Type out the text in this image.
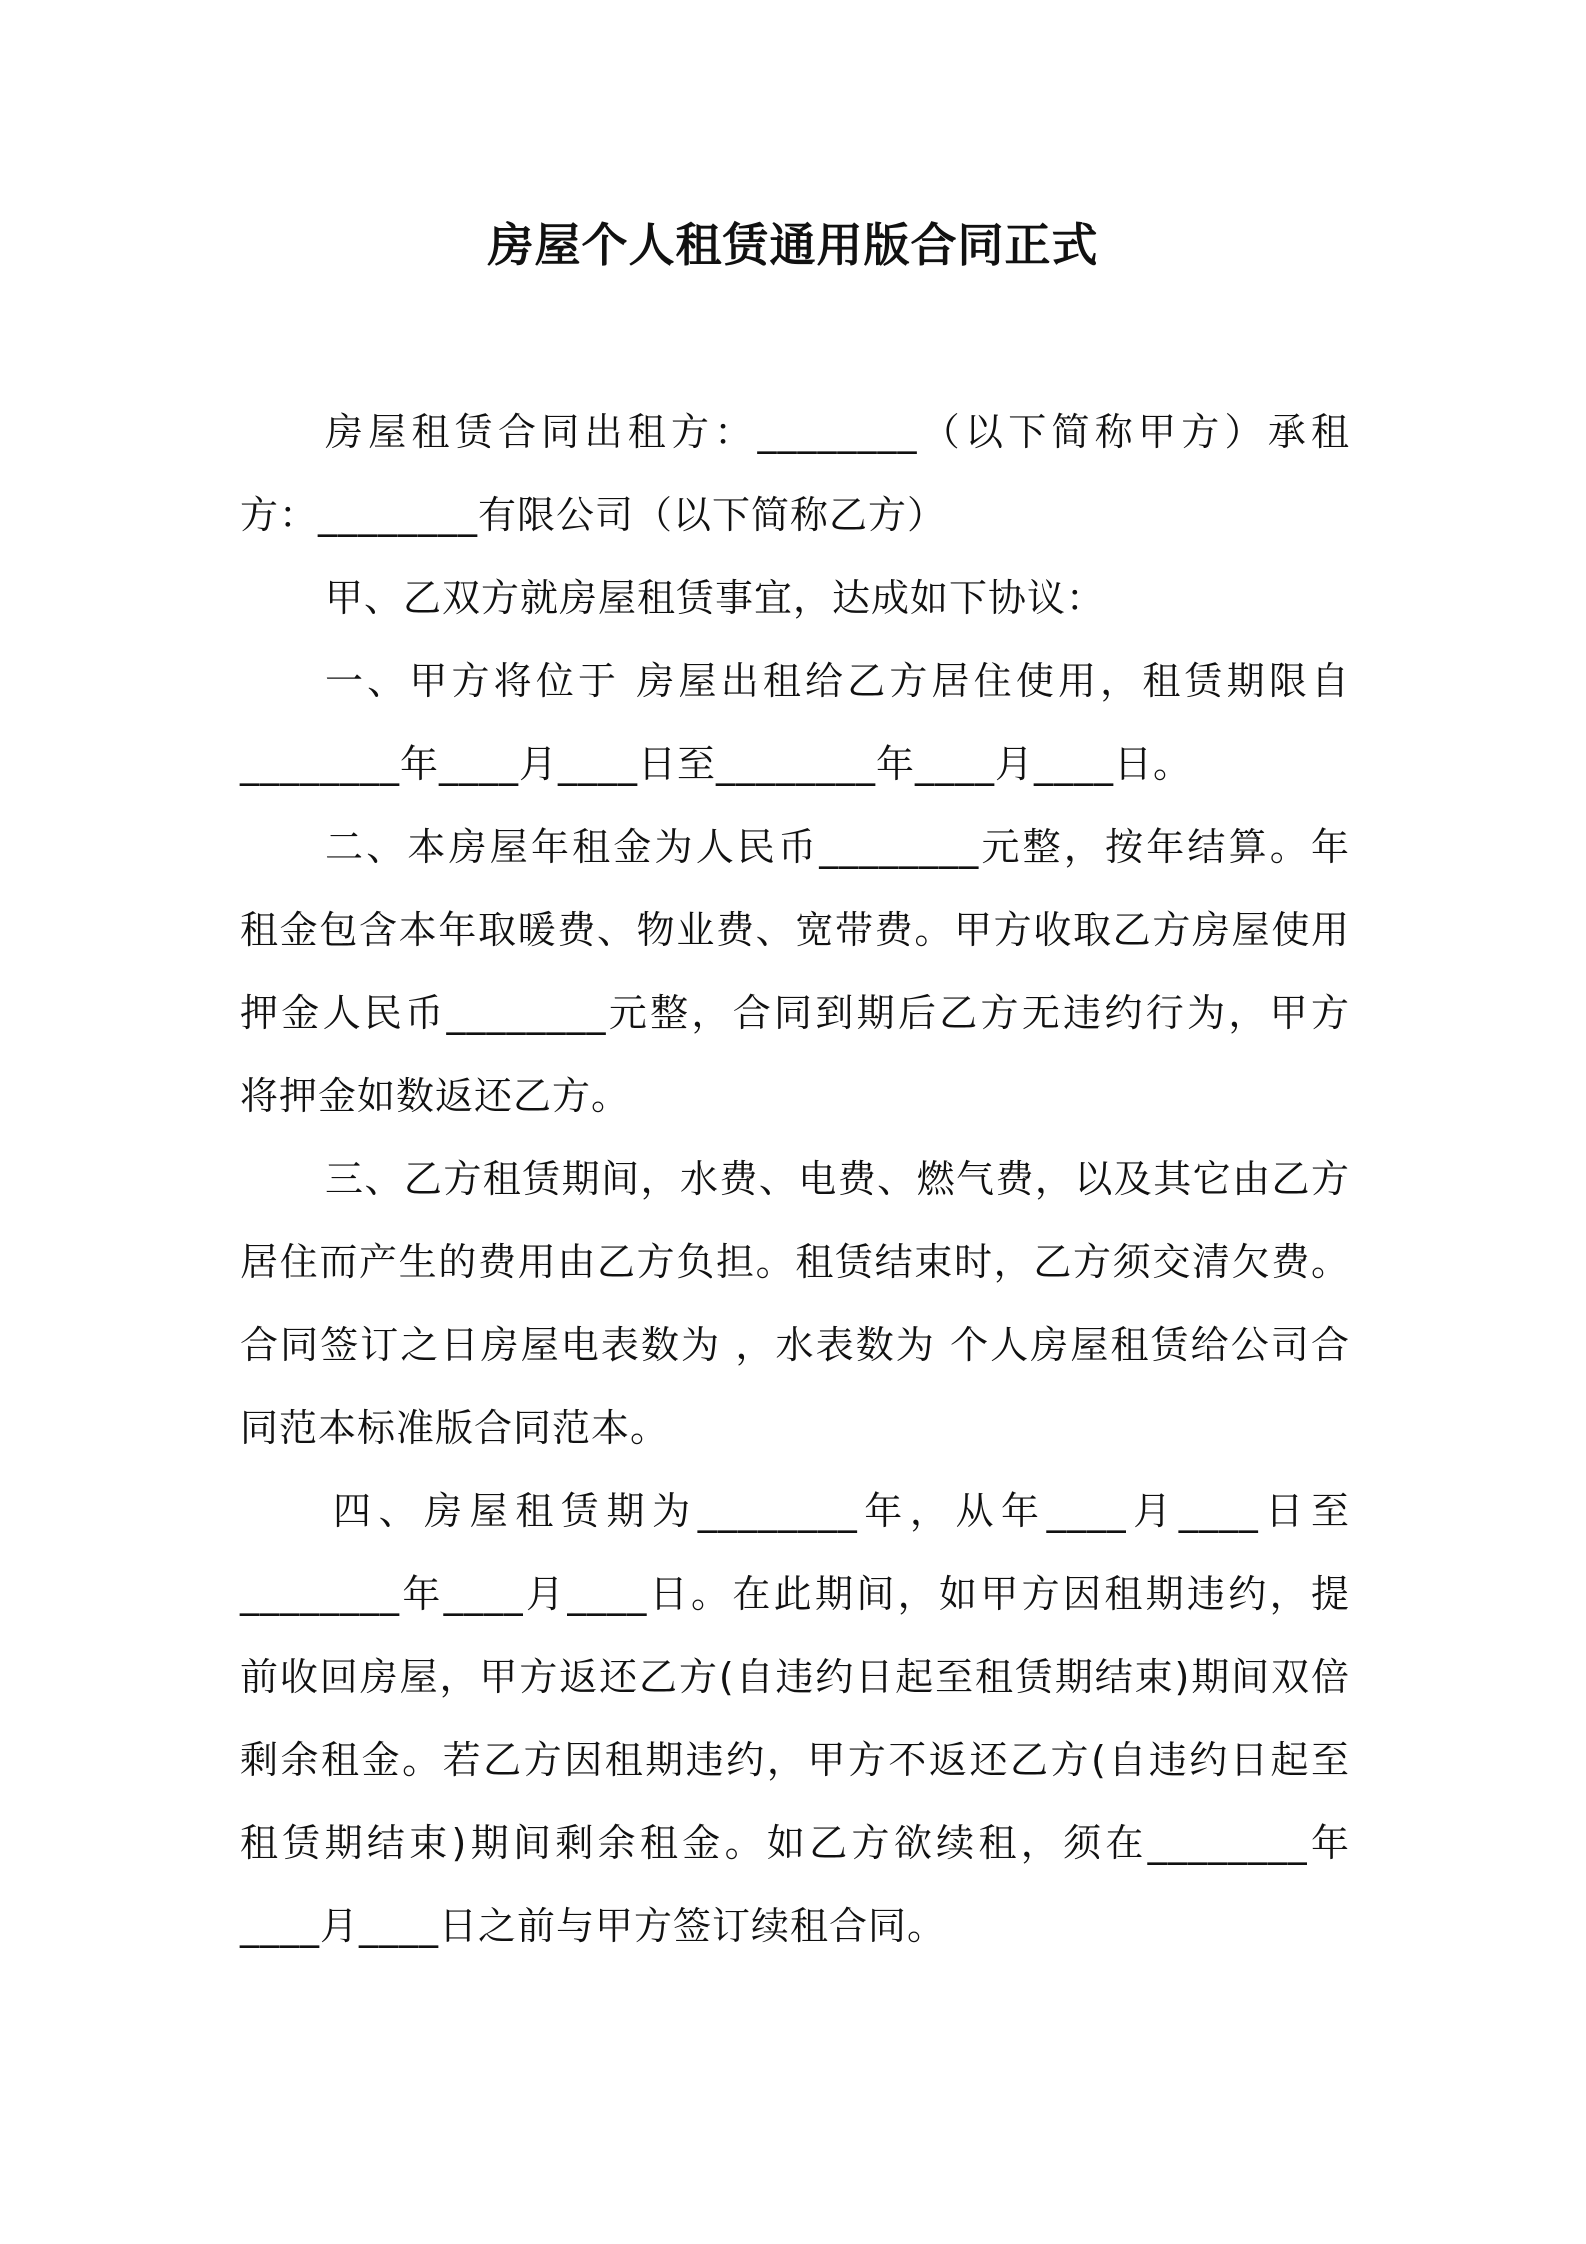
房屋个人租赁通用版合同正式
房屋租赁合同出租方：________（以下简称甲方）承租
方：________有限公司（以下简称乙方）
甲、乙双方就房屋租赁事宜，达成如下协议：
一、甲方将位于 房屋出租给乙方居住使用，租赁期限自
________年____月____日至________年____月____日。
二、本房屋年租金为人民币________元整，按年结算。年
租金包含本年取暖费、物业费、宽带费。甲方收取乙方房屋使用
押金人民币________元整，合同到期后乙方无违约行为，甲方
将押金如数返还乙方。
三、乙方租赁期间，水费、电费、燃气费，以及其它由乙方
居住而产生的费用由乙方负担。租赁结束时，乙方须交清欠费。
合同签订之日房屋电表数为 ，水表数为 个人房屋租赁给公司合
同范本标准版合同范本。
四、房屋租赁期为________年，从年____月____日至
________年____月____日。在此期间，如甲方因租期违约，提
前收回房屋，甲方返还乙方(自违约日起至租赁期结束)期间双倍
剩余租金。若乙方因租期违约，甲方不返还乙方(自违约日起至
租赁期结束)期间剩余租金。如乙方欲续租，须在________年
____月____日之前与甲方签订续租合同。
